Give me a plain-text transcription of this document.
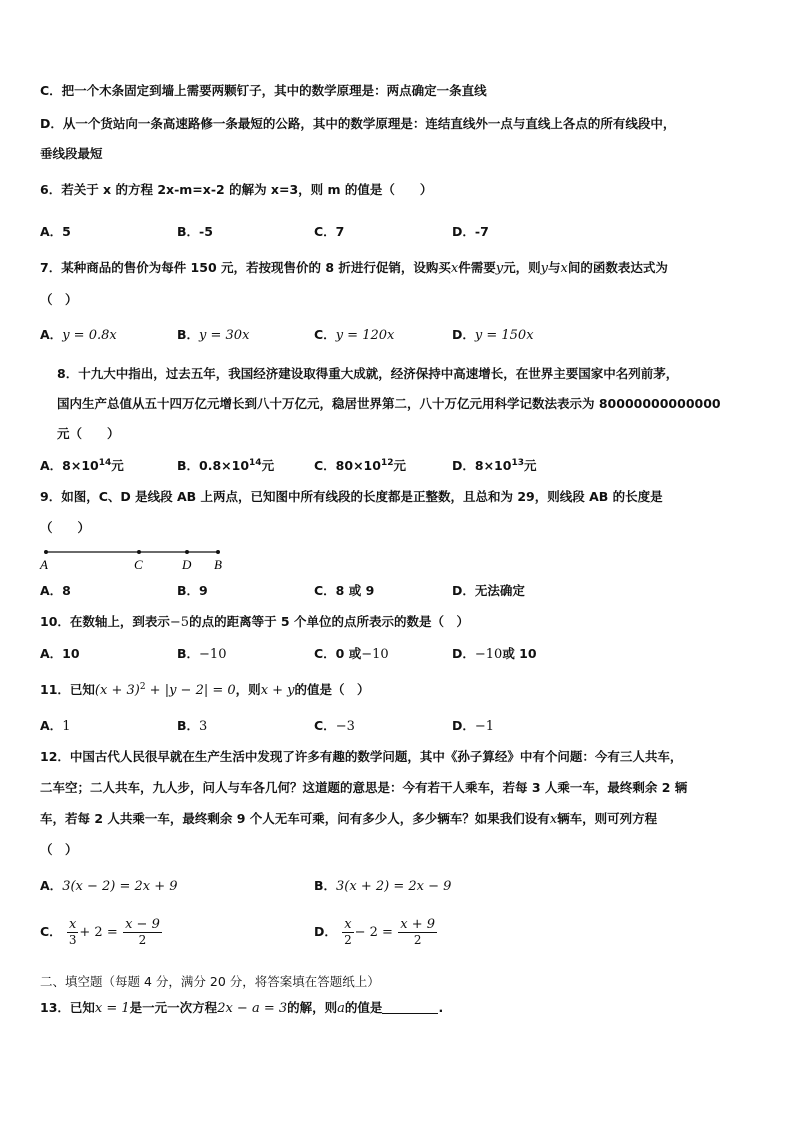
C．把一个木条固定到墙上需要两颗钉子，其中的数学原理是：两点确定一条直线
D．从一个货站向一条高速路修一条最短的公路，其中的数学原理是：连结直线外一点与直线上各点的所有线段中，
垂线段最短
6．若关于 x 的方程 2x-m=x-2 的解为 x=3，则 m 的值是（　　）
A．5	B．-5	C．7	D．-7
7．某种商品的售价为每件 150 元，若按现售价的 8 折进行促销，设购买x件需要y元，则y与x间的函数表达式为
（　）
A．y = 0.8x	B．y = 30x	C．y = 120x	D．y = 150x
8．十九大中指出，过去五年，我国经济建设取得重大成就，经济保持中高速增长，在世界主要国家中名列前茅，
国内生产总值从五十四万亿元增长到八十万亿元，稳居世界第二，八十万亿元用科学记数法表示为 80000000000000
元（　　）
A．$8\times 10^{14}$元	B．$0.8\times 10^{14}$元	C．$80\times 10^{12}$元	D．$8\times 10^{13}$元
9．如图，C、D 是线段 AB 上两点，已知图中所有线段的长度都是正整数，且总和为 29，则线段 AB 的长度是
（　　）
A	C	D B
A．8	B．9	C．8 或 9	D．无法确定
10．在数轴上，到表示−5的点的距离等于 5 个单位的点所表示的数是（　）
A．10	B．−10	C．0 或−10	D．−10或 10
11．已知$(x + 3)^2 + |y - 2| = 0$，则x + y的值是（　）
A．1	B．3	C．−3	D．−1
12．中国古代人民很早就在生产生活中发现了许多有趣的数学问题，其中《孙子算经》中有个问题：今有三人共车，
二车空；二人共车，九人步，问人与车各几何？这道题的意思是：今有若干人乘车，若每 3 人乘一车，最终剩余 2 辆
车，若每 2 人共乘一车，最终剩余 9 个人无车可乘，问有多少人，多少辆车？如果我们设有x辆车，则可列方程
（　）
A．3(x − 2) = 2x + 9	B．3(x + 2) = 2x − 9
C． $\frac{x}{3} + 2 = \frac{x - 9}{2}$	D． $\frac{x}{2} - 2 = \frac{x + 9}{2}$
二、填空题（每题 4 分，满分 20 分，将答案填在答题纸上）
13．已知x = 1是一元一次方程2x − a = 3的解，则a的值是	.
